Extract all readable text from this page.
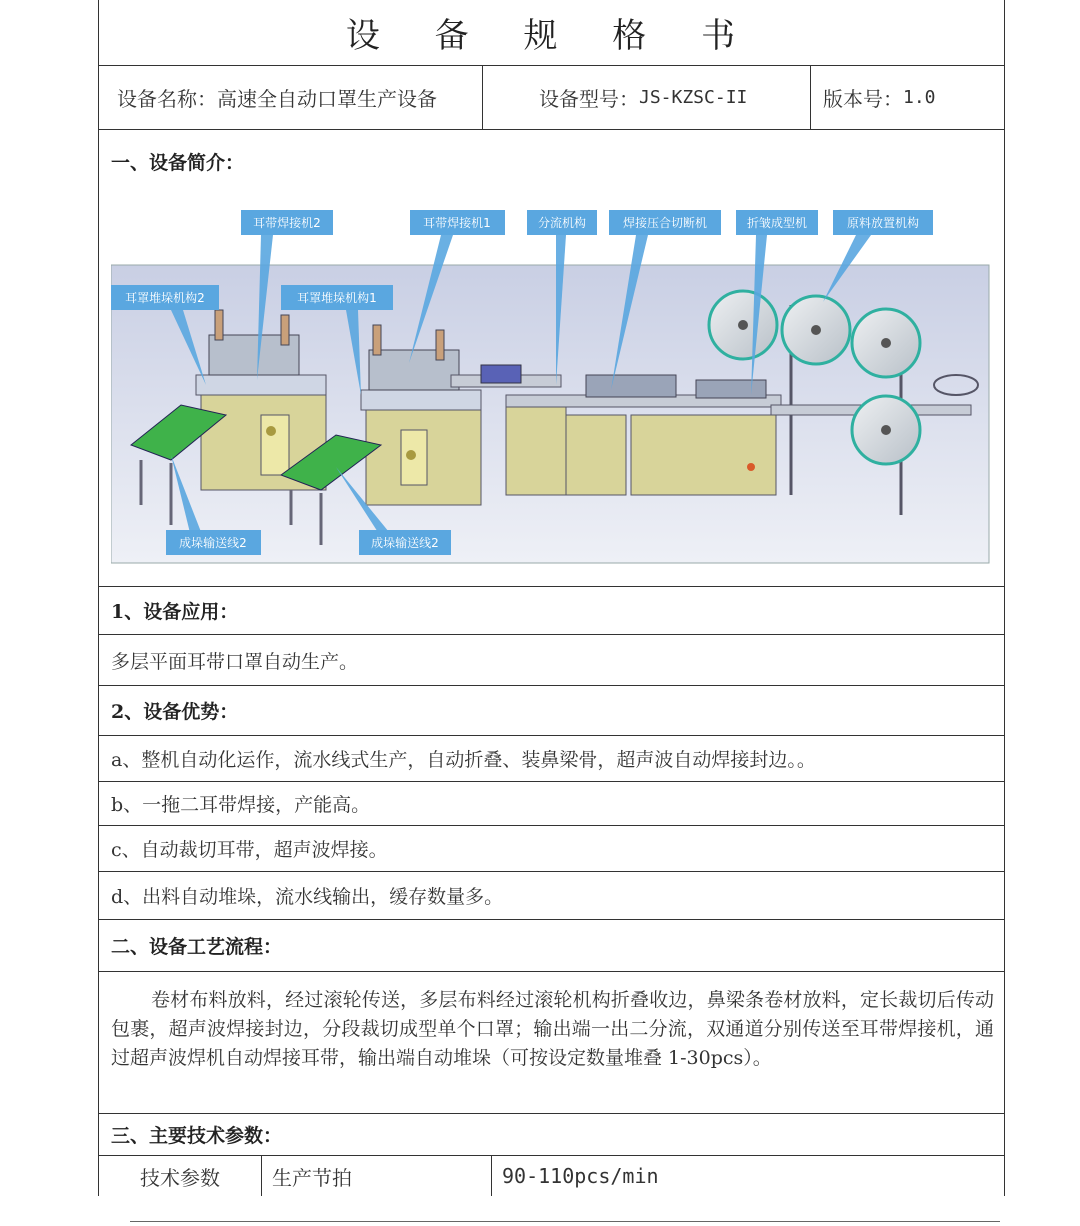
设 备 规 格 书
设备名称： 高速全自动口罩生产设备	设备型号： JS-KZSC-II	版本号： 1.0
一、设备简介：
耳带焊接机2	耳带焊接机1	分流机构	焊接压合切断机	折皱成型机	原料放置机构
耳罩堆垛机构2	耳罩堆垛机构1
成垛输送线2	成垛输送线2
1、设备应用：
多层平面耳带口罩自动生产。
2、设备优势：
a、整机自动化运作，流水线式生产，自动折叠、装鼻梁骨，超声波自动焊接封边。。
b、一拖二耳带焊接，产能高。
c、自动裁切耳带，超声波焊接。
d、出料自动堆垛，流水线输出，缓存数量多。
二、设备工艺流程：
卷材布料放料，经过滚轮传送，多层布料经过滚轮机构折叠收边，鼻梁条卷材放料，定长裁切后传动包裹，超声波焊接封边，分段裁切成型单个口罩；输出端一出二分流，双通道分别传送至耳带焊接机，通过超声波焊机自动焊接耳带，输出端自动堆垛（可按设定数量堆叠 1-30pcs）。
三、主要技术参数：
技术参数	生产节拍	90-110pcs/min
